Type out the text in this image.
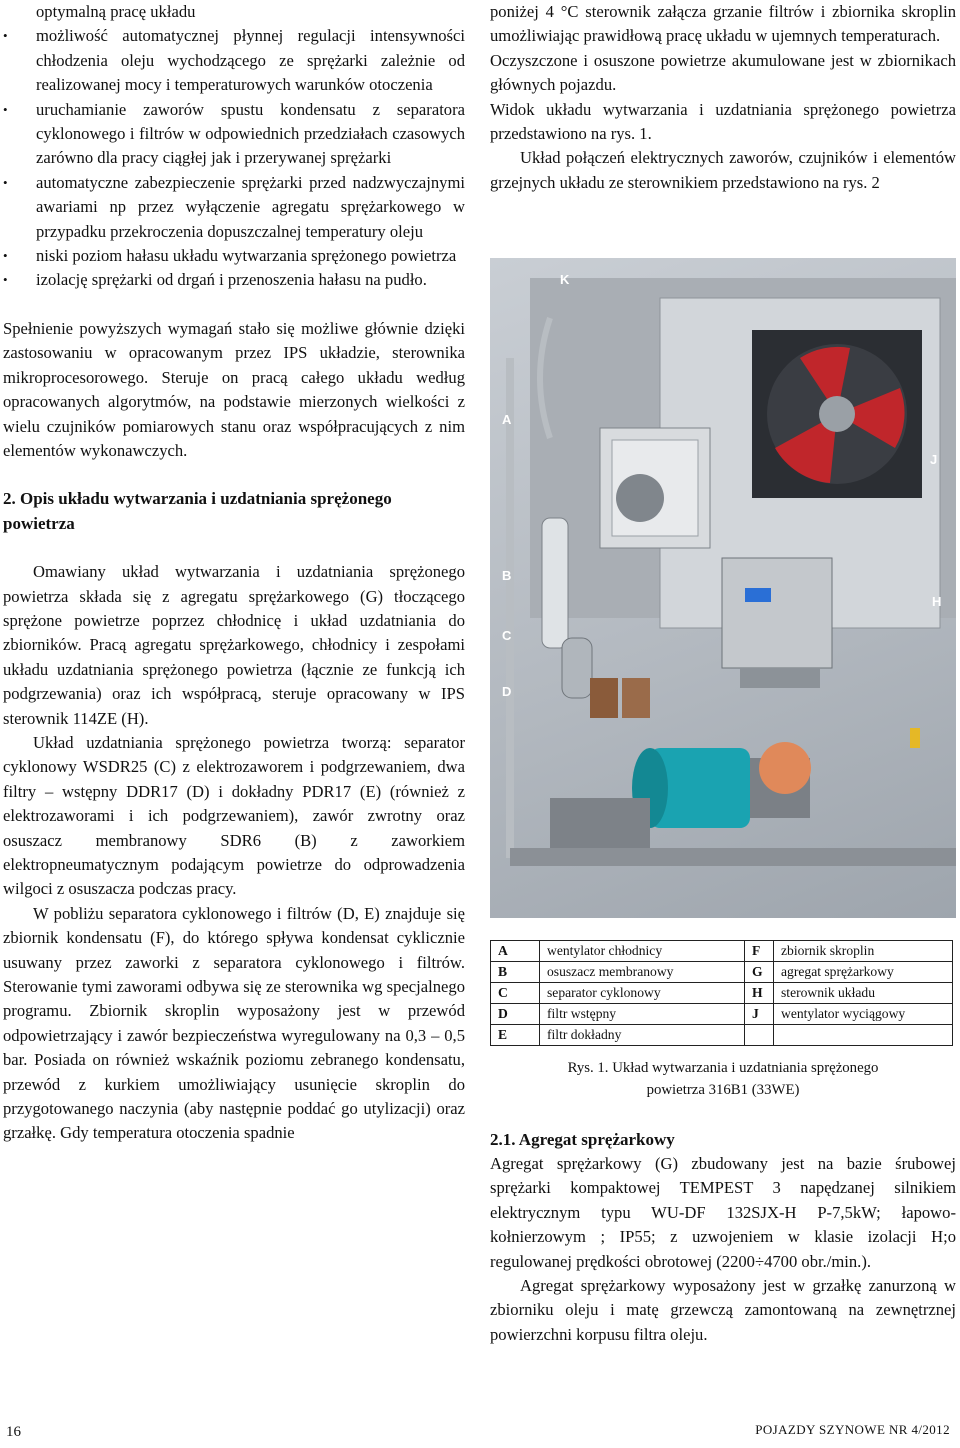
optymalną pracę układu
• możliwość automatycznej płynnej regulacji intensywności chłodzenia oleju wychodzącego ze sprężarki zależnie od realizowanej mocy i temperaturowych warunków otoczenia
• uruchamianie zaworów spustu kondensatu z separatora cyklonowego i filtrów w odpowiednich przedziałach czasowych zarówno dla pracy ciągłej jak i przerywanej sprężarki
• automatyczne zabezpieczenie sprężarki przed nadzwyczajnymi awariami np przez wyłączenie agregatu sprężarkowego w przypadku przekroczenia dopuszczalnej temperatury oleju
• niski poziom hałasu układu wytwarzania sprężonego powietrza
• izolację sprężarki od drgań i przenoszenia hałasu na pudło.

Spełnienie powyższych wymagań stało się możliwe głównie dzięki zastosowaniu w opracowanym przez IPS układzie, sterownika mikroprocesorowego. Steruje on pracą całego układu według opracowanych algorytmów, na podstawie mierzonych wielkości z wielu czujników pomiarowych stanu oraz współpracujących z nim elementów wykonawczych.

2. Opis układu wytwarzania i uzdatniania sprężonego powietrza

Omawiany układ wytwarzania i uzdatniania sprężonego powietrza składa się z agregatu sprężarkowego (G) tłoczącego sprężone powietrze poprzez chłodnicę i układ uzdatniania do zbiorników. Pracą agregatu sprężarkowego, chłodnicy i zespołami układu uzdatniania sprężonego powietrza (łącznie ze funkcją ich podgrzewania) oraz ich współpracą, steruje opracowany w IPS sterownik 114ZE (H).

Układ uzdatniania sprężonego powietrza tworzą: separator cyklonowy WSDR25 (C) z elektrozaworem i podgrzewaniem, dwa filtry – wstępny DDR17 (D) i dokładny PDR17 (E) (również z elektrozaworami i ich podgrzewaniem), zawór zwrotny oraz osuszacz membranowy SDR6 (B) z zaworkiem elektropneumatycznym podającym powietrze do odprowadzenia wilgoci z osuszacza podczas pracy.

W pobliżu separatora cyklonowego i filtrów (D, E) znajduje się zbiornik kondensatu (F), do którego spływa kondensat cyklicznie usuwany przez zaworki z separatora cyklonowego i filtrów. Sterowanie tymi zaworami odbywa się ze sterownika wg specjalnego programu. Zbiornik skroplin wyposażony jest w przewód odpowietrzający i zawór bezpieczeństwa wyregulowany na 0,3 – 0,5 bar. Posiada on również wskaźnik poziomu zebranego kondensatu, przewód z kurkiem umożliwiający usunięcie skroplin do przygotowanego naczynia (aby następnie poddać go utylizacji) oraz grzałkę. Gdy temperatura otoczenia spadnie

poniżej 4 °C sterownik załącza grzanie filtrów i zbiornika skroplin umożliwiając prawidłową pracę układu w ujemnych temperaturach.

Oczyszczone i osuszone powietrze akumulowane jest w zbiornikach głównych pojazdu.

Widok układu wytwarzania i uzdatniania sprężonego powietrza przedstawiono na rys. 1.

Układ połączeń elektrycznych zaworów, czujników i elementów grzejnych układu ze sterownikiem przedstawiono na rys. 2

K
A
J
B
H
C
D
A	wentylator chłodnicy	F	zbiornik skroplin
B	osuszacz membranowy	G	agregat sprężarkowy
C	separator cyklonowy	H	sterownik układu
D	filtr wstępny	J	wentylator wyciągowy
E	filtr dokładny		
Rys. 1. Układ wytwarzania i uzdatniania sprężonego
powietrza 316B1 (33WE)
2.1. Agregat sprężarkowy

Agregat sprężarkowy (G) zbudowany jest na bazie śrubowej sprężarki kompaktowej TEMPEST 3 napędzanej silnikiem elektrycznym typu WU-DF 132SJX-H P-7,5kW; łapowo-kołnierzowym ; IP55; z uzwojeniem w klasie izolacji H;o regulowanej prędkości obrotowej (2200÷4700 obr./min.).

Agregat sprężarkowy wyposażony jest w grzałkę zanurzoną w zbiorniku oleju i matę grzewczą zamontowaną na zewnętrznej powierzchni korpusu filtra oleju.

16	POJAZDY SZYNOWE NR 4/2012
